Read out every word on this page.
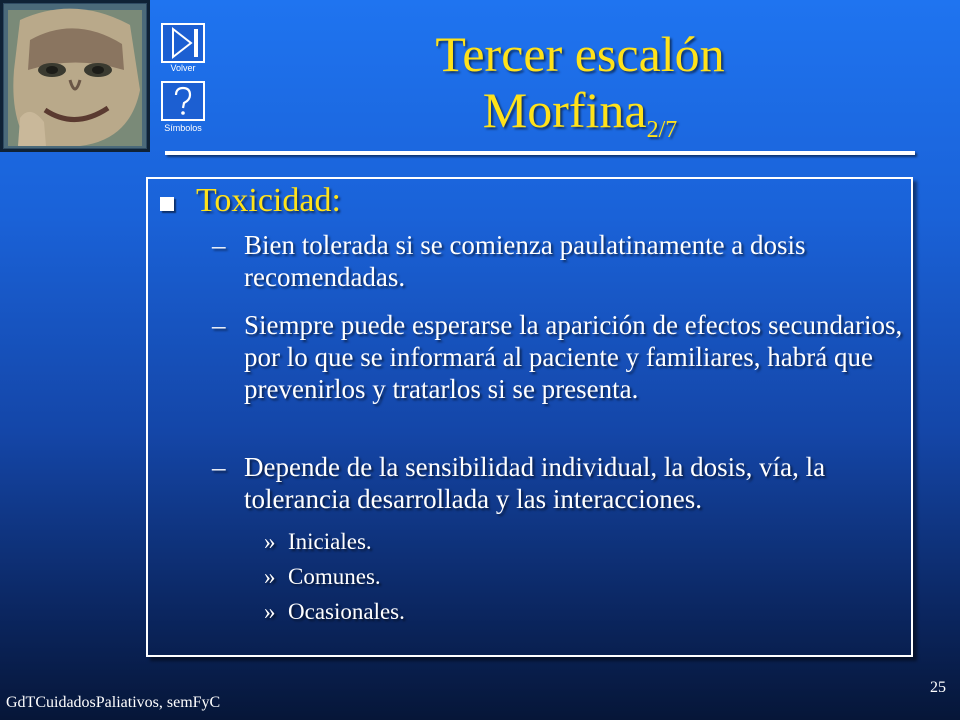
Volver
Símbolos
Tercer escalón
Morfina$_{2/7}$
Toxicidad:
– Bien tolerada si se comienza paulatinamente a dosis recomendadas.
– Siempre puede esperarse la aparición de efectos secundarios, por lo que se informará al paciente y familiares, habrá que prevenirlos y tratarlos si se presenta.
– Depende de la sensibilidad individual, la dosis, vía, la tolerancia desarrollada y las interacciones.
» Iniciales.
» Comunes.
» Ocasionales.
GdTCuidadosPaliativos, semFyC
25
